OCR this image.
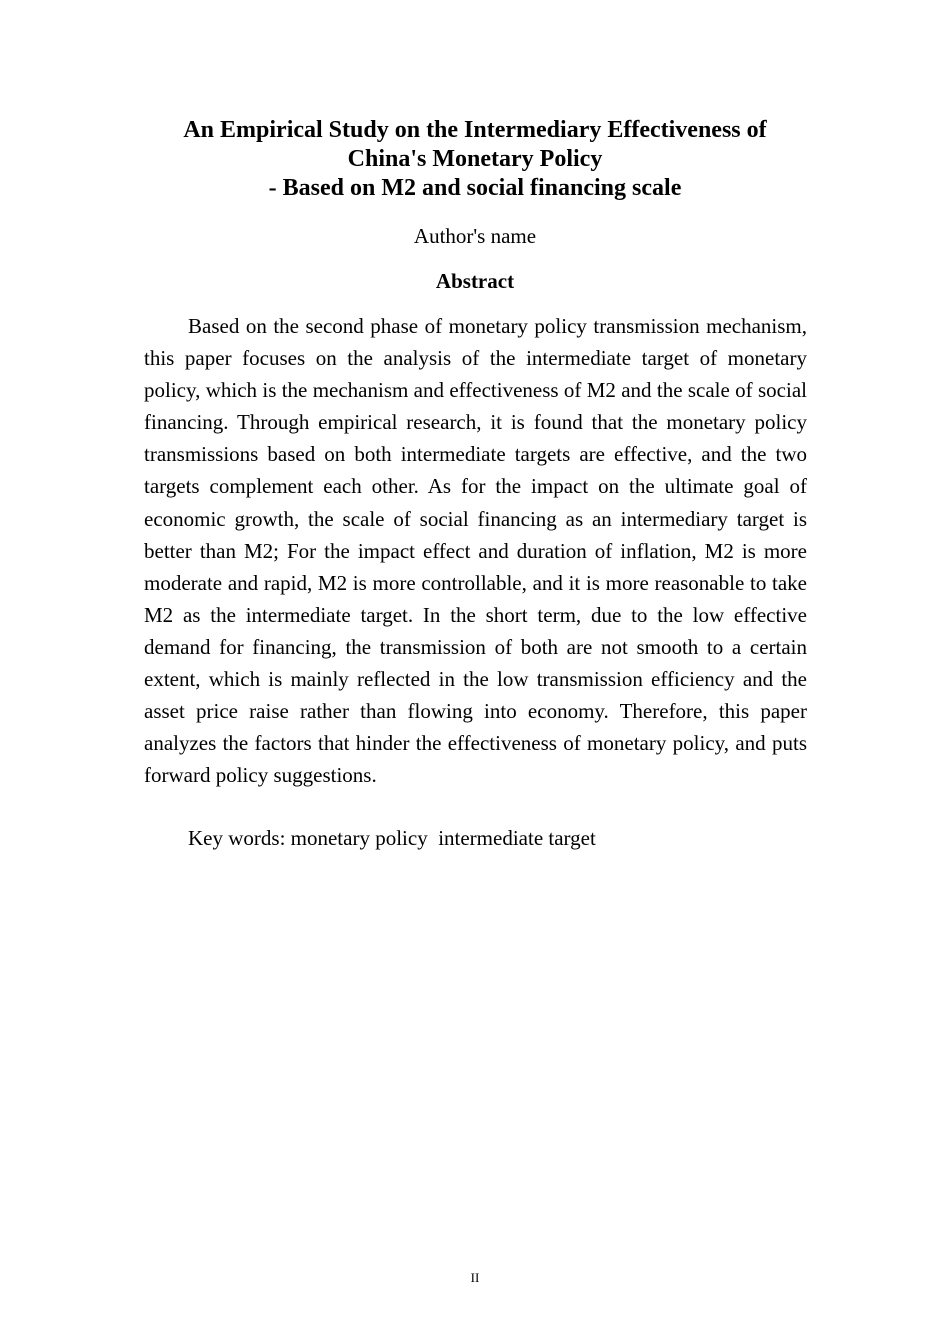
An Empirical Study on the Intermediary Effectiveness of
China's Monetary Policy
- Based on M2 and social financing scale

Author's name

Abstract

Based on the second phase of monetary policy transmission mechanism, this paper focuses on the analysis of the intermediate target of monetary policy, which is the mechanism and effectiveness of M2 and the scale of social financing. Through empirical research, it is found that the monetary policy transmissions based on both intermediate targets are effective, and the two targets complement each other. As for the impact on the ultimate goal of economic growth, the scale of social financing as an intermediary target is better than M2; For the impact effect and duration of inflation, M2 is more moderate and rapid, M2 is more controllable, and it is more reasonable to take M2 as the intermediate target. In the short term, due to the low effective demand for financing, the transmission of both are not smooth to a certain extent, which is mainly reflected in the low transmission efficiency and the asset price raise rather than flowing into economy. Therefore, this paper analyzes the factors that hinder the effectiveness of monetary policy, and puts forward policy suggestions.

Key words: monetary policy  intermediate target

II
